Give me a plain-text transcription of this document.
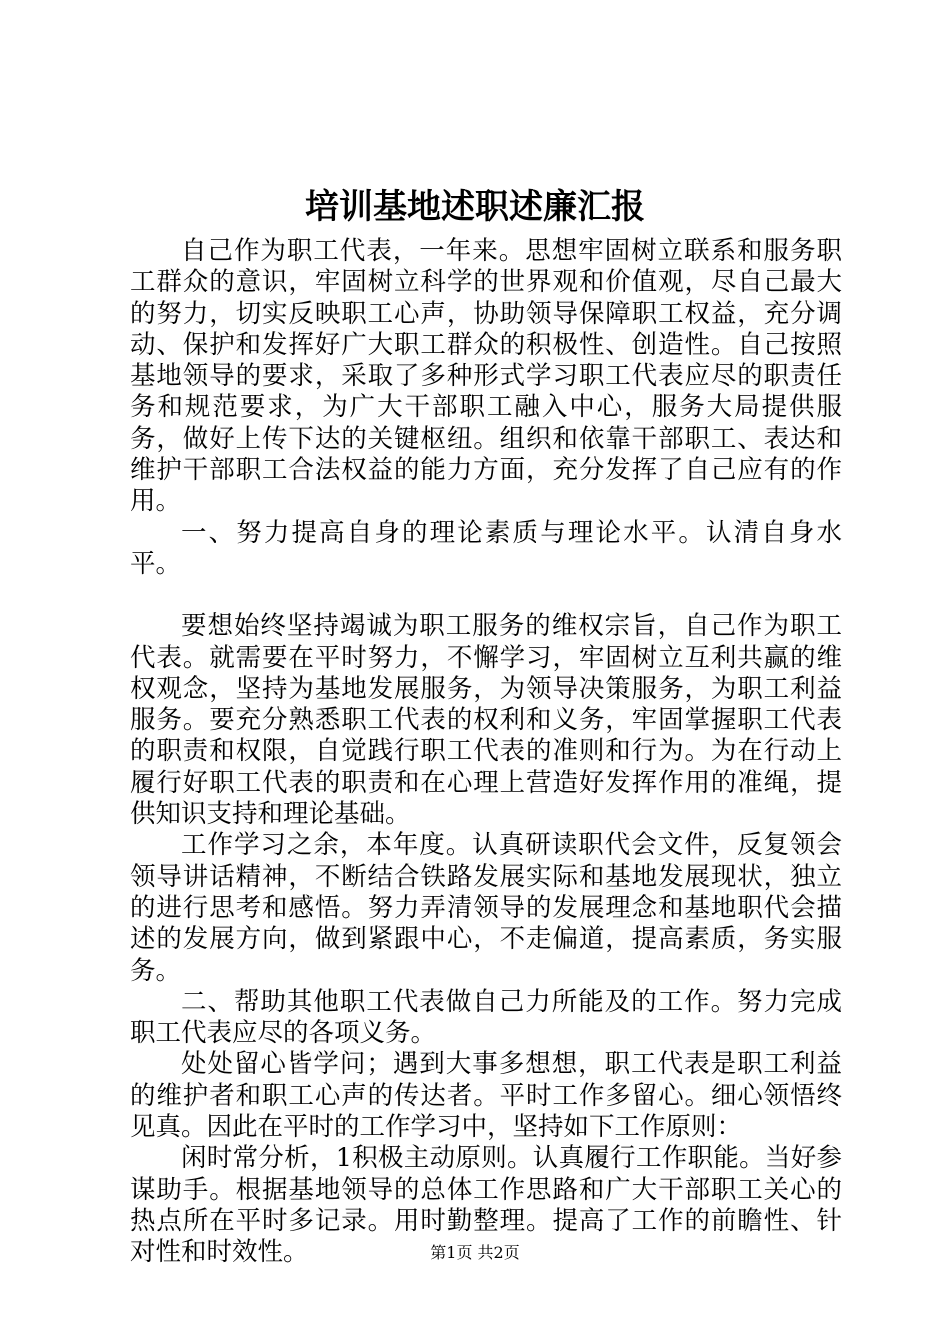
培训基地述职述廉汇报

自己作为职工代表，一年来。思想牢固树立联系和服务职工群众的意识，牢固树立科学的世界观和价值观，尽自己最大的努力，切实反映职工心声，协助领导保障职工权益，充分调动、保护和发挥好广大职工群众的积极性、创造性。自己按照基地领导的要求，采取了多种形式学习职工代表应尽的职责任务和规范要求，为广大干部职工融入中心，服务大局提供服务，做好上传下达的关键枢纽。组织和依靠干部职工、表达和维护干部职工合法权益的能力方面，充分发挥了自己应有的作用。

一、努力提高自身的理论素质与理论水平。认清自身水平。

要想始终坚持竭诚为职工服务的维权宗旨，自己作为职工代表。就需要在平时努力，不懈学习，牢固树立互利共赢的维权观念，坚持为基地发展服务，为领导决策服务，为职工利益服务。要充分熟悉职工代表的权利和义务，牢固掌握职工代表的职责和权限，自觉践行职工代表的准则和行为。为在行动上履行好职工代表的职责和在心理上营造好发挥作用的准绳，提供知识支持和理论基础。

工作学习之余，本年度。认真研读职代会文件，反复领会领导讲话精神，不断结合铁路发展实际和基地发展现状，独立的进行思考和感悟。努力弄清领导的发展理念和基地职代会描述的发展方向，做到紧跟中心，不走偏道，提高素质，务实服务。

二、帮助其他职工代表做自己力所能及的工作。努力完成职工代表应尽的各项义务。

处处留心皆学问；遇到大事多想想，职工代表是职工利益的维护者和职工心声的传达者。平时工作多留心。细心领悟终见真。因此在平时的工作学习中，坚持如下工作原则：

闲时常分析，1积极主动原则。认真履行工作职能。当好参谋助手。根据基地领导的总体工作思路和广大干部职工关心的热点所在平时多记录。用时勤整理。提高了工作的前瞻性、针对性和时效性。	第1页 共2页
